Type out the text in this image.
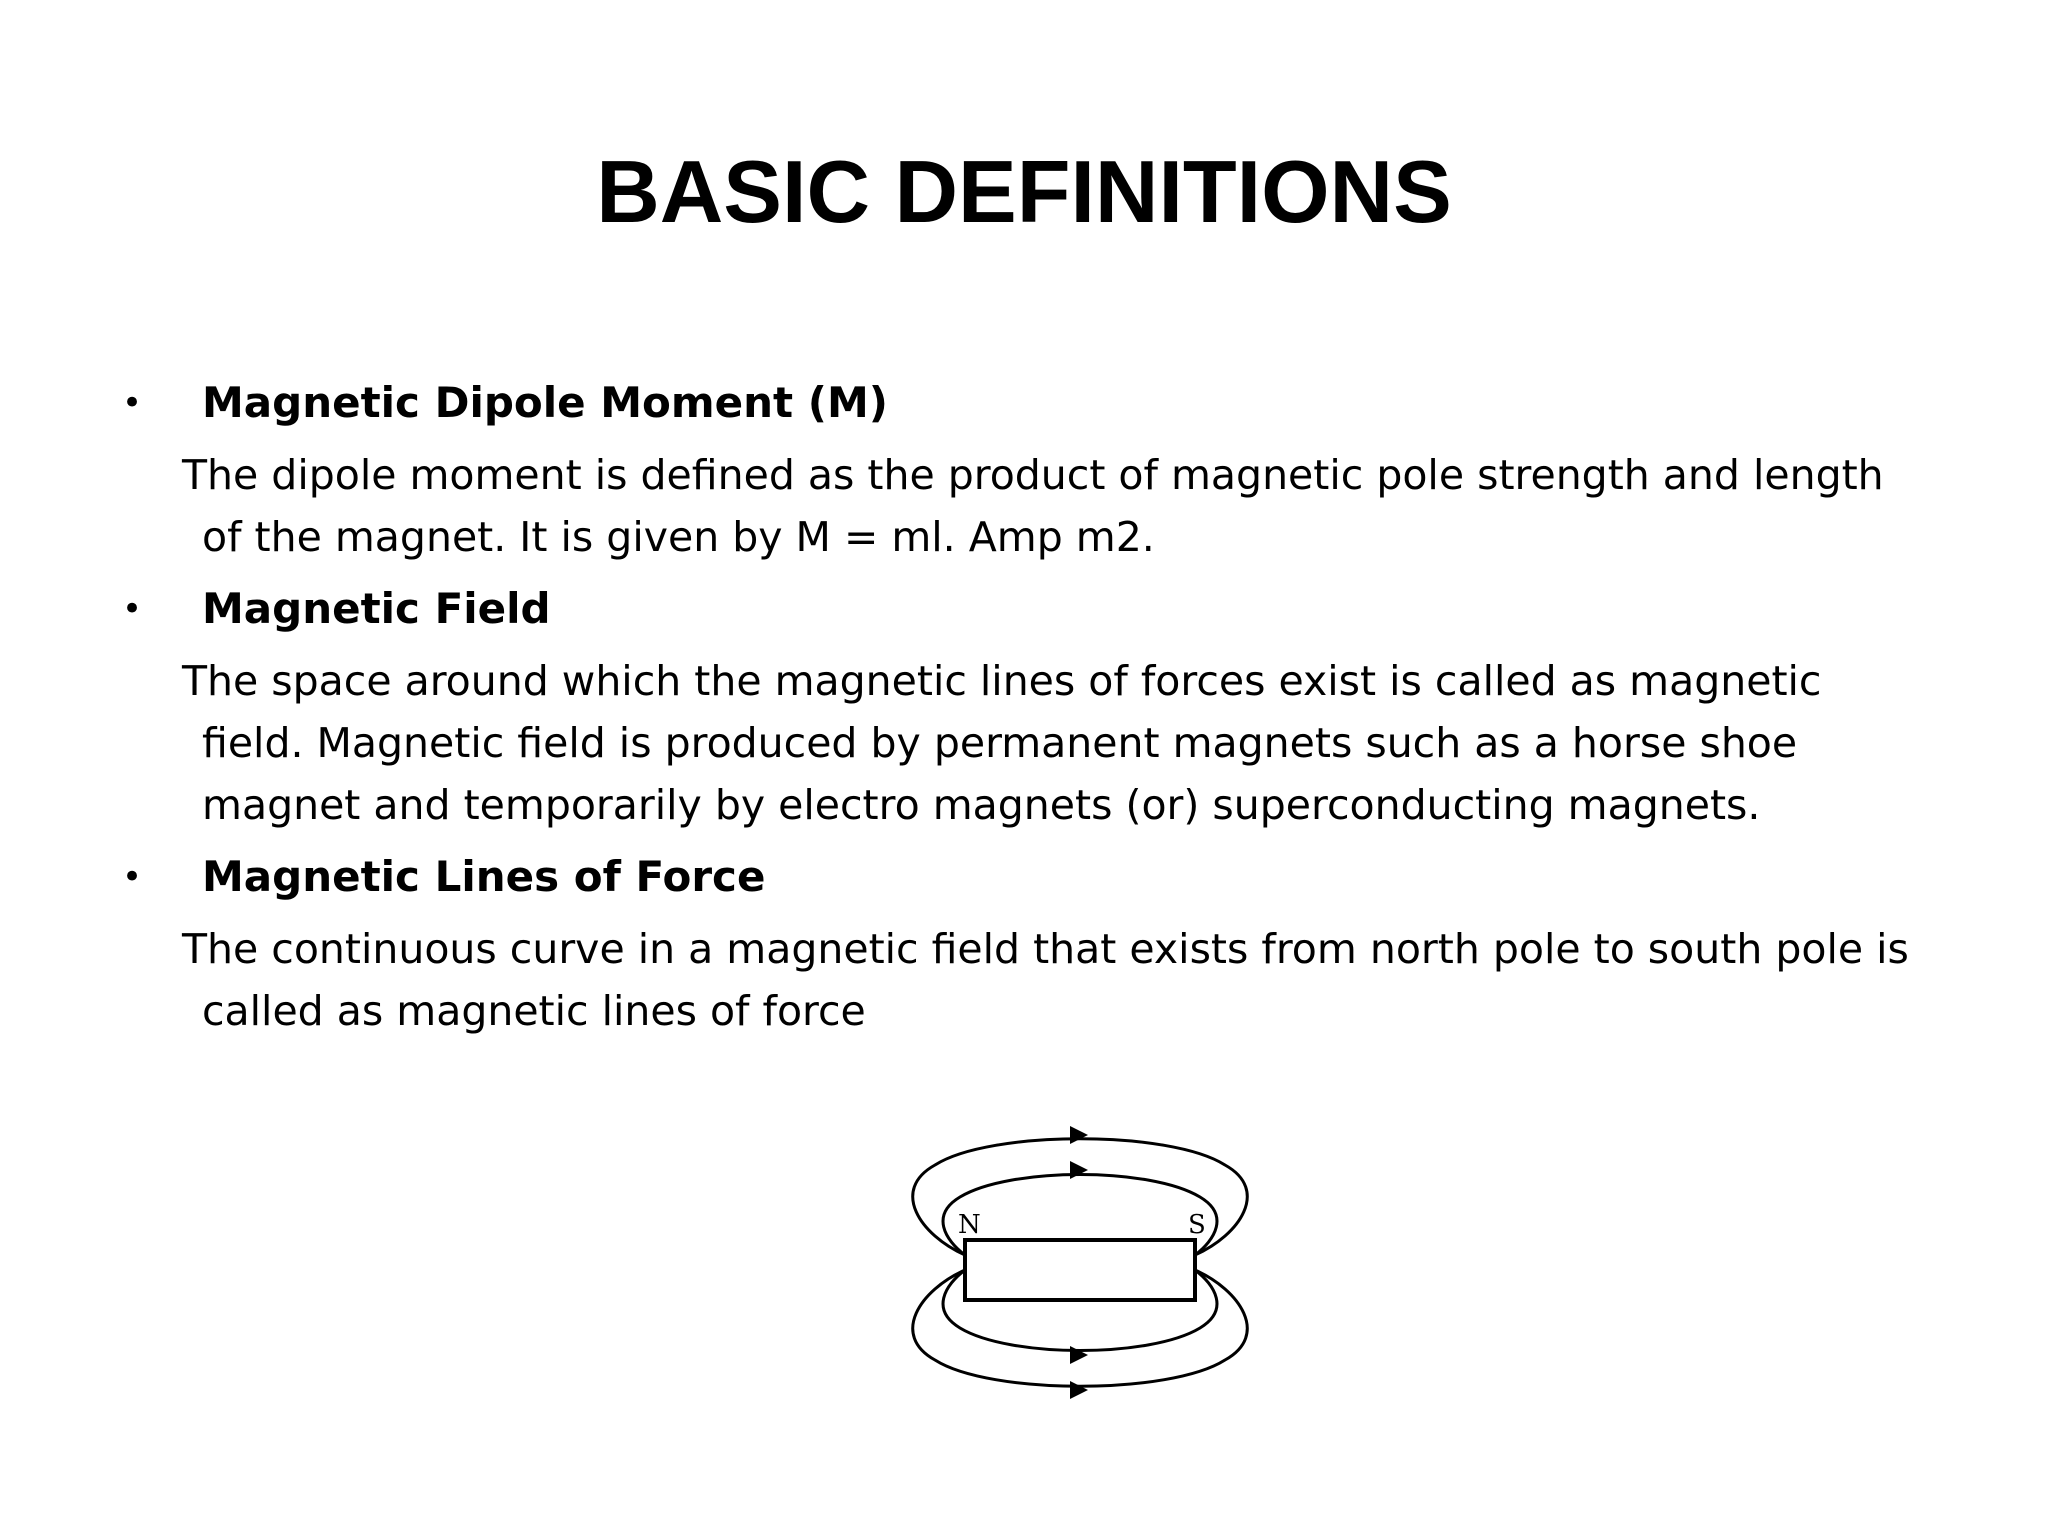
BASIC DEFINITIONS
• Magnetic Dipole Moment (M)
The dipole moment is defined as the product of magnetic pole strength and length
of the magnet. It is given by M = ml. Amp m2.
• Magnetic Field
The space around which the magnetic lines of forces exist is called as magnetic
field. Magnetic field is produced by permanent magnets such as a horse shoe
magnet and temporarily by electro magnets (or) superconducting magnets.
• Magnetic Lines of Force
The continuous curve in a magnetic field that exists from north pole to south pole is
called as magnetic lines of force
N	S
